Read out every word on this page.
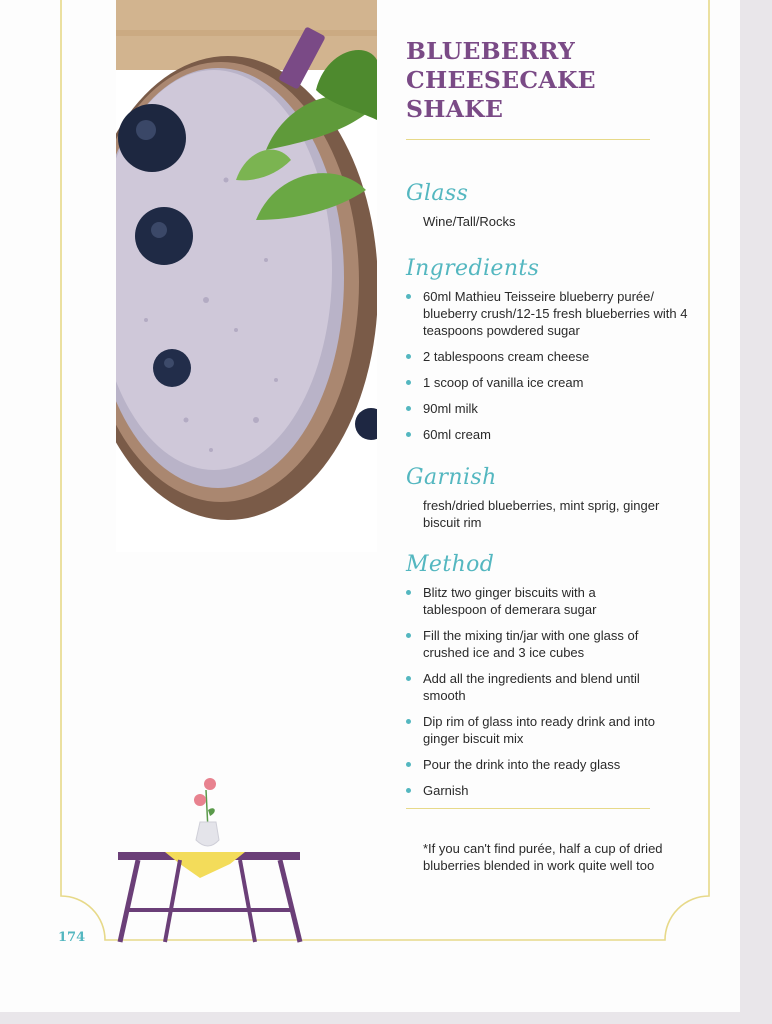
BLUEBERRY
CHEESECAKE
SHAKE
Glass

Wine/Tall/Rocks

Ingredients
60ml Mathieu Teisseire blueberry purée/ blueberry crush/12-15 fresh blueberries with 4 teaspoons powdered sugar
2 tablespoons cream cheese
1 scoop of vanilla ice cream
90ml milk
60ml cream
Garnish

fresh/dried blueberries, mint sprig, ginger biscuit rim

Method
Blitz two ginger biscuits with a tablespoon of demerara sugar
Fill the mixing tin/jar with one glass of crushed ice and 3 ice cubes
Add all the ingredients and blend until smooth
Dip rim of glass into ready drink and into ginger biscuit mix
Pour the drink into the ready glass
Garnish

*If you can't find purée, half a cup of dried bluberries blended in work quite well too

174
